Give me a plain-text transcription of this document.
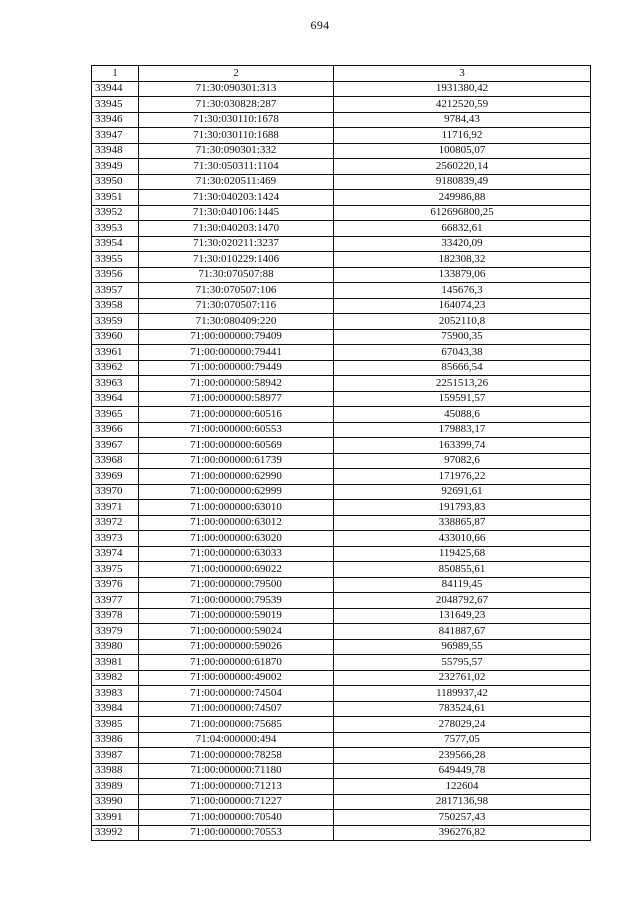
694
1	2	3
33944	71:30:090301:313	1931380,42
33945	71:30:030828:287	4212520,59
33946	71:30:030110:1678	9784,43
33947	71:30:030110:1688	11716,92
33948	71:30:090301:332	100805,07
33949	71:30:050311:1104	2560220,14
33950	71:30:020511:469	9180839,49
33951	71:30:040203:1424	249986,88
33952	71:30:040106:1445	612696800,25
33953	71:30:040203:1470	66832,61
33954	71:30:020211:3237	33420,09
33955	71:30:010229:1406	182308,32
33956	71:30:070507:88	133879,06
33957	71:30:070507:106	145676,3
33958	71:30:070507:116	164074,23
33959	71:30:080409:220	2052110,8
33960	71:00:000000:79409	75900,35
33961	71:00:000000:79441	67043,38
33962	71:00:000000:79449	85666,54
33963	71:00:000000:58942	2251513,26
33964	71:00:000000:58977	159591,57
33965	71:00:000000:60516	45088,6
33966	71:00:000000:60553	179883,17
33967	71:00:000000:60569	163399,74
33968	71:00:000000:61739	97082,6
33969	71:00:000000:62990	171976,22
33970	71:00:000000:62999	92691,61
33971	71:00:000000:63010	191793,83
33972	71:00:000000:63012	338865,87
33973	71:00:000000:63020	433010,66
33974	71:00:000000:63033	119425,68
33975	71:00:000000:69022	850855,61
33976	71:00:000000:79500	84119,45
33977	71:00:000000:79539	2048792,67
33978	71:00:000000:59019	131649,23
33979	71:00:000000:59024	841887,67
33980	71:00:000000:59026	96989,55
33981	71:00:000000:61870	55795,57
33982	71:00:000000:49002	232761,02
33983	71:00:000000:74504	1189937,42
33984	71:00:000000:74507	783524,61
33985	71:00:000000:75685	278029,24
33986	71:04:000000:494	7577,05
33987	71:00:000000:78258	239566,28
33988	71:00:000000:71180	649449,78
33989	71:00:000000:71213	122604
33990	71:00:000000:71227	2817136,98
33991	71:00:000000:70540	750257,43
33992	71:00:000000:70553	396276,82
